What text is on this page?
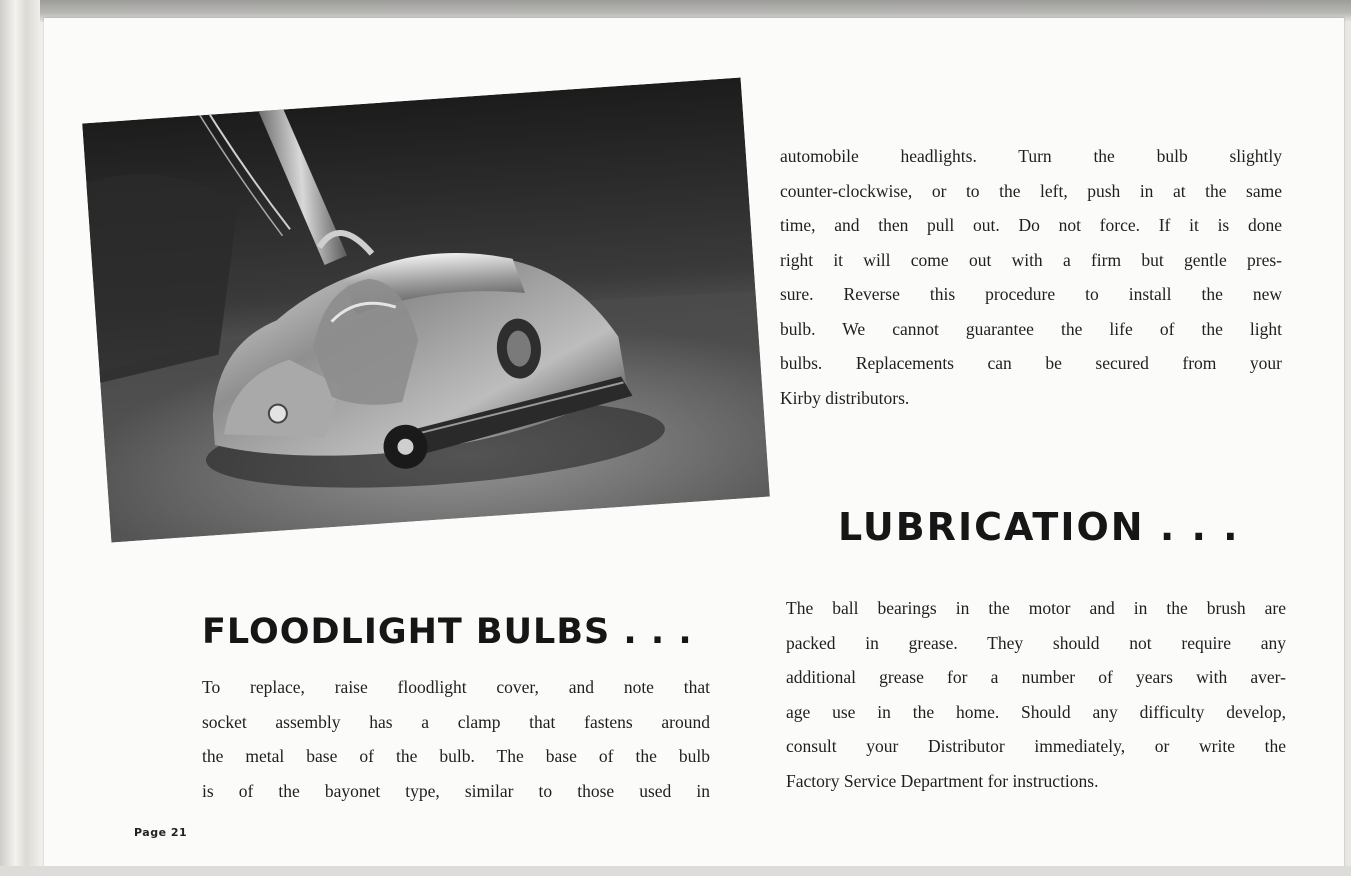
FLOODLIGHT BULBS . . .
To replace, raise floodlight cover, and note that
socket assembly has a clamp that fastens around
the metal base of the bulb. The base of the bulb
is of the bayonet type, similar to those used in
automobile headlights. Turn the bulb slightly
counter-clockwise, or to the left, push in at the same
time, and then pull out. Do not force. If it is done
right it will come out with a firm but gentle pres-
sure. Reverse this procedure to install the new
bulb. We cannot guarantee the life of the light
bulbs. Replacements can be secured from your
Kirby distributors.
LUBRICATION . . .
The ball bearings in the motor and in the brush are
packed in grease. They should not require any
additional grease for a number of years with aver-
age use in the home. Should any difficulty develop,
consult your Distributor immediately, or write the
Factory Service Department for instructions.
Page 21
